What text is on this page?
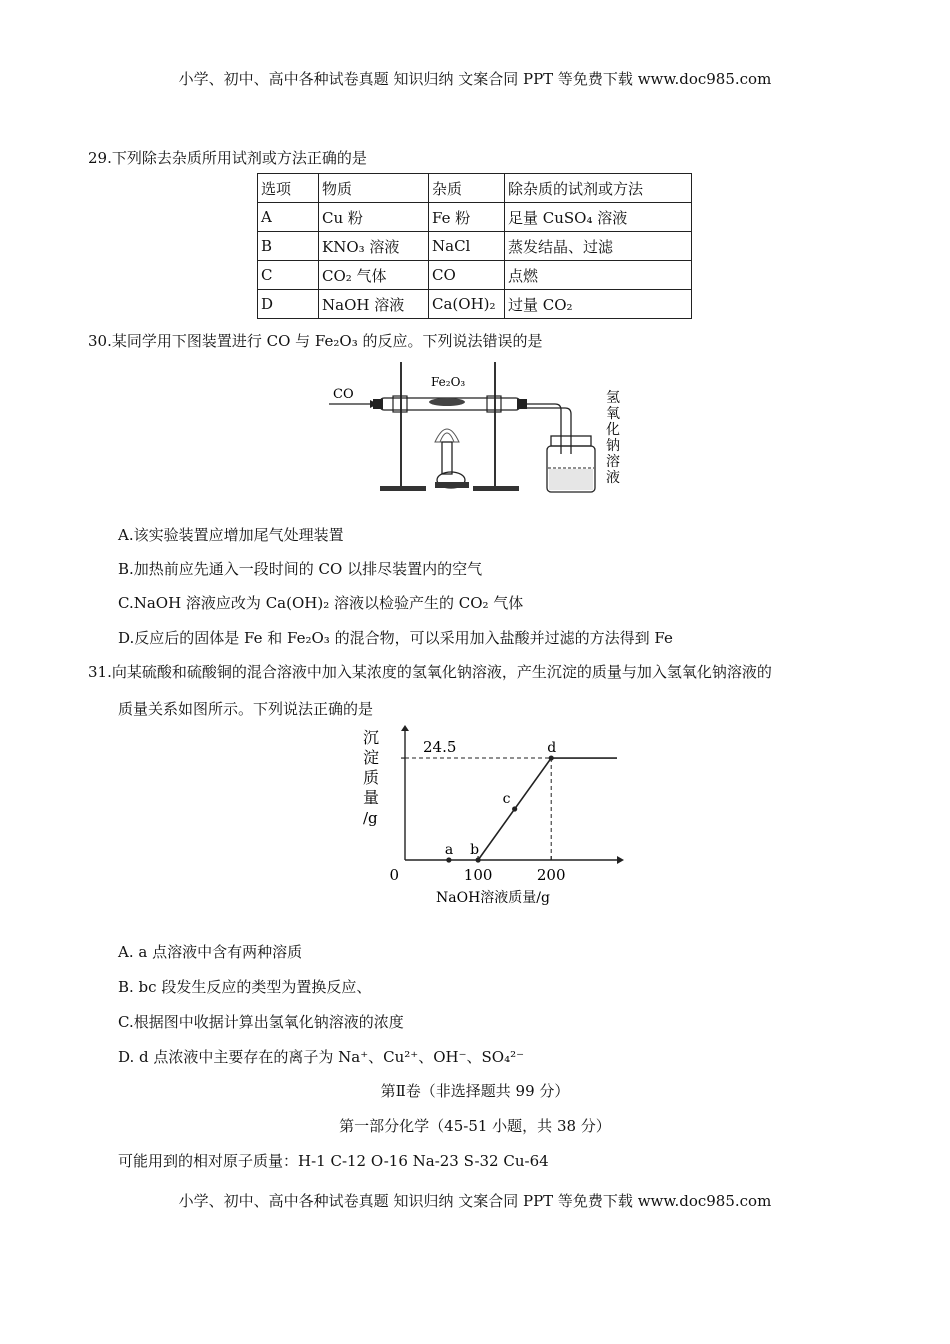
小学、初中、高中各种试卷真题 知识归纳 文案合同 PPT 等免费下载 www.doc985.com
29.下列除去杂质所用试剂或方法正确的是
选项	物质	杂质	除杂质的试剂或方法
A	Cu 粉	Fe 粉	足量 CuSO₄ 溶液
B	KNO₃ 溶液	NaCl	蒸发结晶、过滤
C	CO₂ 气体	CO	点燃
D	NaOH 溶液	Ca(OH)₂	过量 CO₂
30.某同学用下图装置进行 CO 与 Fe₂O₃ 的反应。下列说法错误的是
CO
Fe₂O₃
氢
氧
化
钠
溶
液
A.该实验装置应增加尾气处理装置
B.加热前应先通入一段时间的 CO 以排尽装置内的空气
C.NaOH 溶液应改为 Ca(OH)₂ 溶液以检验产生的 CO₂ 气体
D.反应后的固体是 Fe 和 Fe₂O₃ 的混合物，可以采用加入盐酸并过滤的方法得到 Fe
31.向某硫酸和硫酸铜的混合溶液中加入某浓度的氢氧化钠溶液，产生沉淀的质量与加入氢氧化钠溶液的
质量关系如图所示。下列说法正确的是
沉
淀
质
量
/g
NaOH溶液质量/g
0	100	200
24.5
a b
c
d
A. a 点溶液中含有两种溶质
B. bc 段发生反应的类型为置换反应、
C.根据图中收据计算出氢氧化钠溶液的浓度
D. d 点浓液中主要存在的离子为 Na⁺、Cu²⁺、OH⁻、SO₄²⁻
第Ⅱ卷（非选择题共 99 分）
第一部分化学（45-51 小题，共 38 分）
可能用到的相对原子质量：H-1 C-12 O-16 Na-23 S-32 Cu-64
小学、初中、高中各种试卷真题 知识归纳 文案合同 PPT 等免费下载 www.doc985.com
